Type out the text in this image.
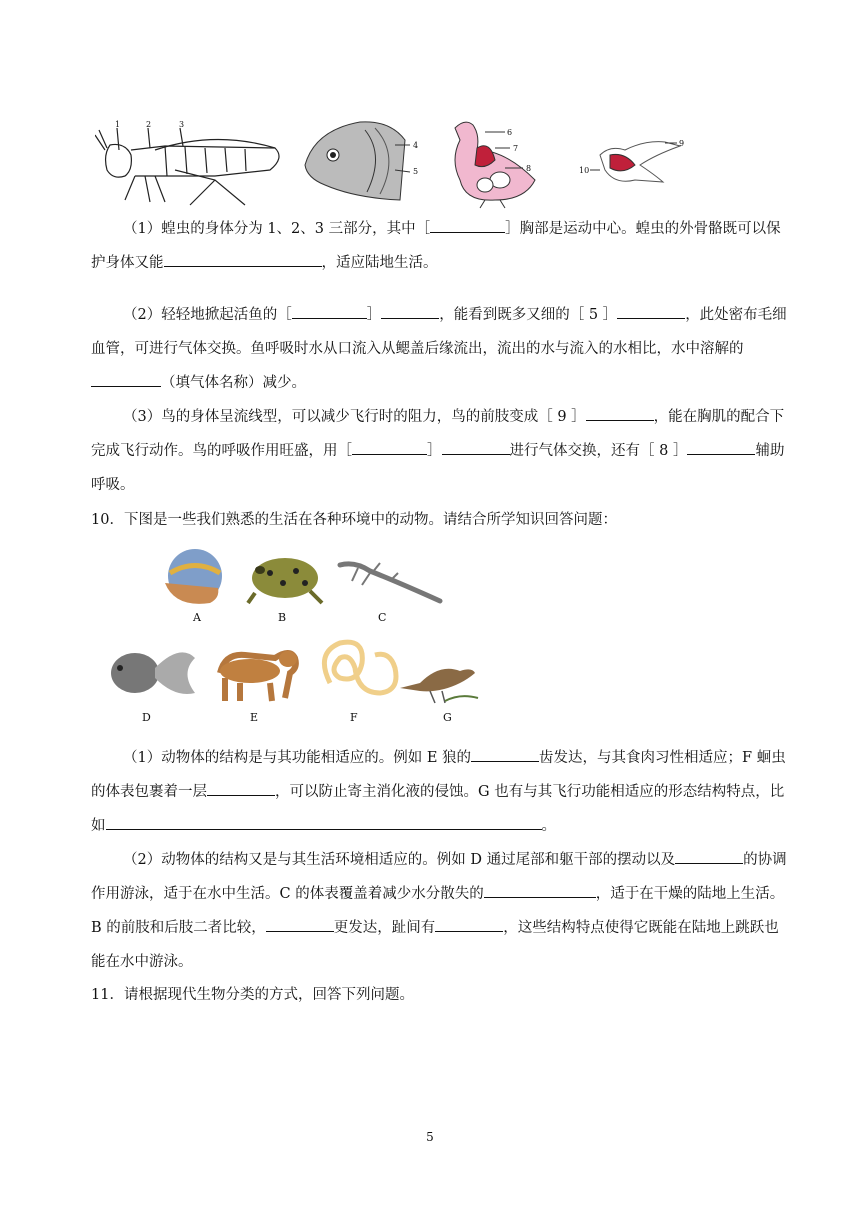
1	2	3
4
5
6
7
8
9
10

（1）蝗虫的身体分为 1、2、3 三部分，其中［	］胸部是运动中心。蝗虫的外骨骼既可以保护身体又能	，适应陆地生活。

（2）轻轻地掀起活鱼的［	］	，能看到既多又细的［ 5 ］	，此处密布毛细血管，可进行气体交换。鱼呼吸时水从口流入从鳃盖后缘流出，流出的水与流入的水相比，水中溶解的（填气体名称）减少。

（3）鸟的身体呈流线型，可以减少飞行时的阻力，鸟的前肢变成［ 9 ］	，能在胸肌的配合下完成飞行动作。鸟的呼吸作用旺盛，用［	］	进行气体交换，还有［ 8 ］	辅助呼吸。

10．下图是一些我们熟悉的生活在各种环境中的动物。请结合所学知识回答问题：

A	B	C
D	E	F	G

（1）动物体的结构是与其功能相适应的。例如 E 狼的	齿发达，与其食肉习性相适应；F 蛔虫的体表包裹着一层	，可以防止寄主消化液的侵蚀。G 也有与其飞行功能相适应的形态结构特点，比如	。

（2）动物体的结构又是与其生活环境相适应的。例如 D 通过尾部和躯干部的摆动以及	的协调作用游泳，适于在水中生活。C 的体表覆盖着减少水分散失的	，适于在干燥的陆地上生活。B 的前肢和后肢二者比较，	更发达，趾间有	，这些结构特点使得它既能在陆地上跳跃也能在水中游泳。

11．请根据现代生物分类的方式，回答下列问题。

5
